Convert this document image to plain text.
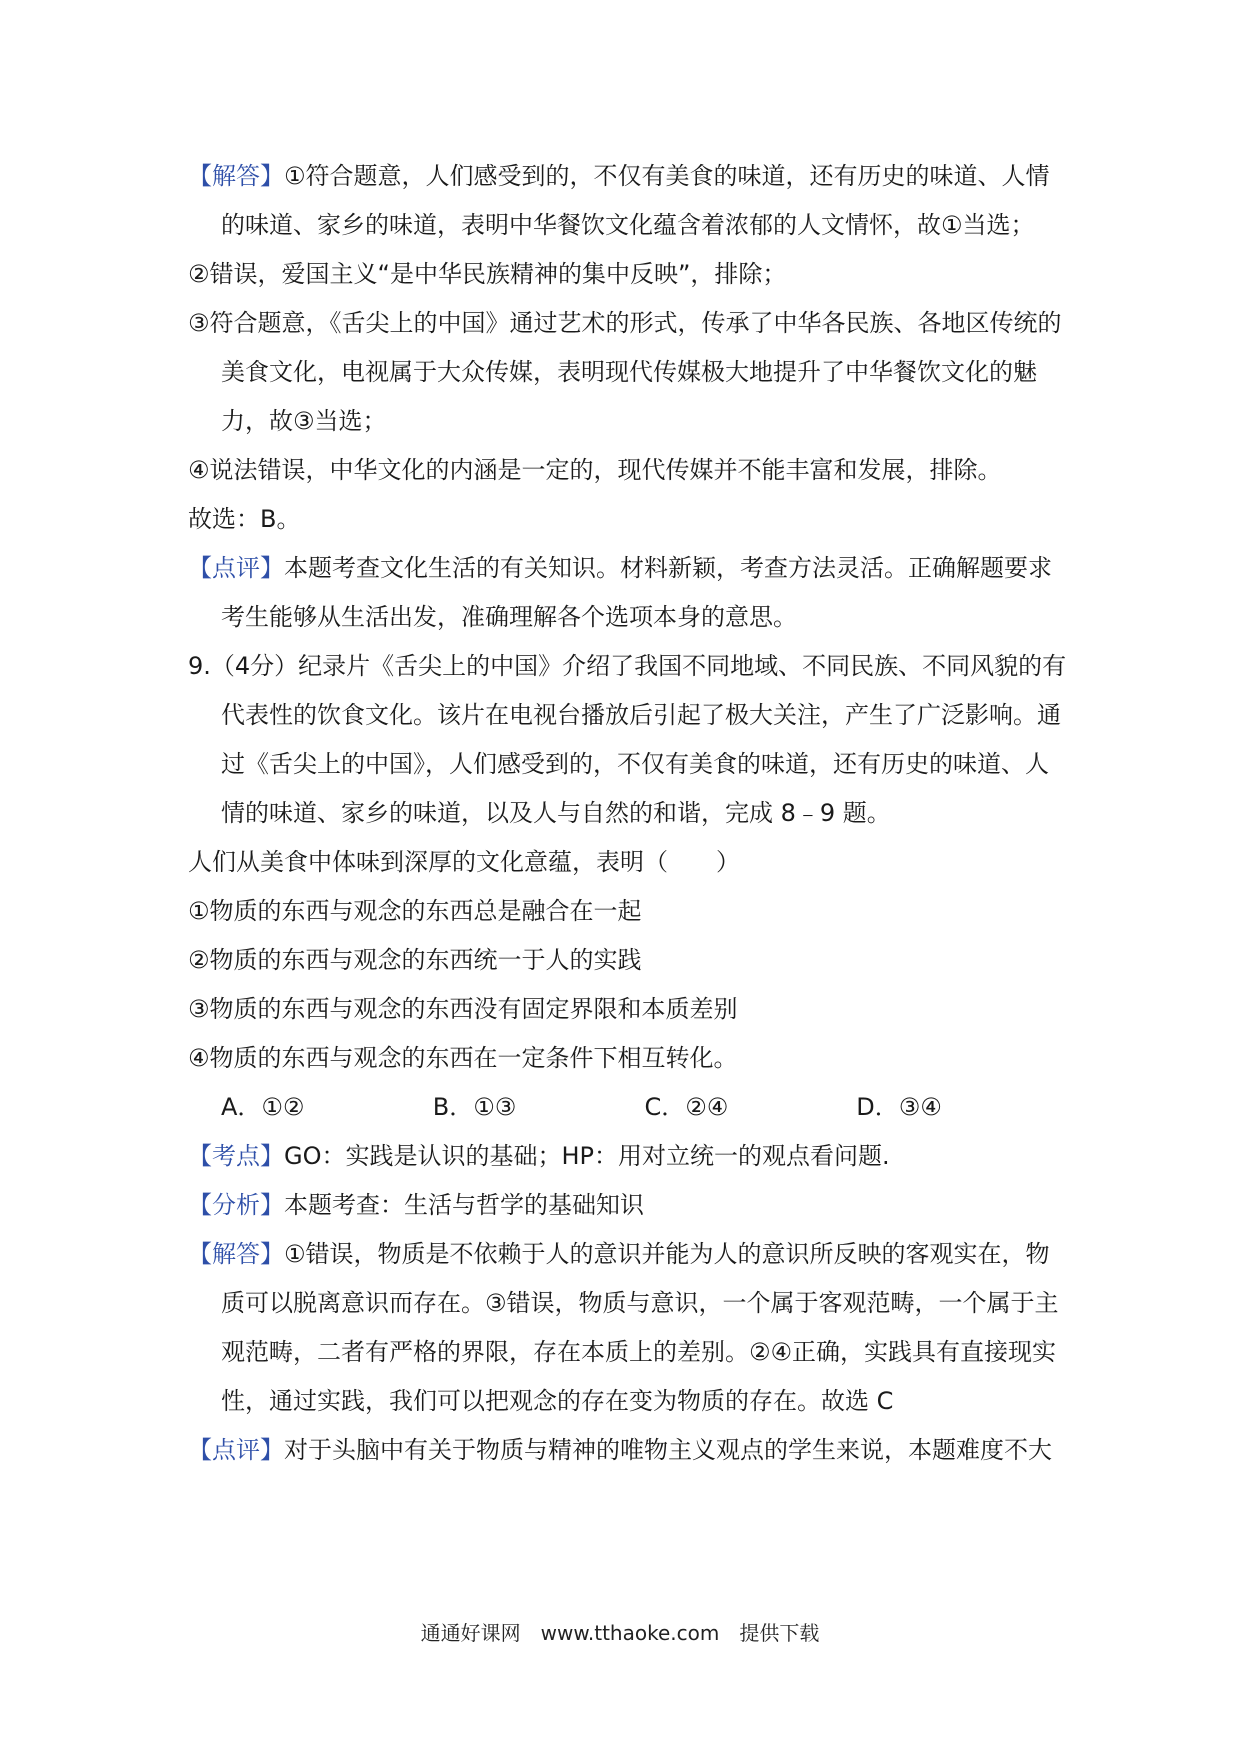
【解答】①符合题意，人们感受到的，不仅有美食的味道，还有历史的味道、人情的味道、家乡的味道，表明中华餐饮文化蕴含着浓郁的人文情怀，故①当选；

②错误，爱国主义“是中华民族精神的集中反映”，排除；

③符合题意，《舌尖上的中国》通过艺术的形式，传承了中华各民族、各地区传统的美食文化，电视属于大众传媒，表明现代传媒极大地提升了中华餐饮文化的魅力，故③当选；

④说法错误，中华文化的内涵是一定的，现代传媒并不能丰富和发展，排除。

故选：B。

【点评】本题考查文化生活的有关知识。材料新颖，考查方法灵活。正确解题要求考生能够从生活出发，准确理解各个选项本身的意思。

9.（4分）纪录片《舌尖上的中国》介绍了我国不同地域、不同民族、不同风貌的有代表性的饮食文化。该片在电视台播放后引起了极大关注，产生了广泛影响。通过《舌尖上的中国》，人们感受到的，不仅有美食的味道，还有历史的味道、人情的味道、家乡的味道，以及人与自然的和谐，完成 8﹣9 题。

人们从美食中体味到深厚的文化意蕴，表明（　　）

①物质的东西与观念的东西总是融合在一起

②物质的东西与观念的东西统一于人的实践

③物质的东西与观念的东西没有固定界限和本质差别

④物质的东西与观念的东西在一定条件下相互转化。

A．①②	B．①③	C．②④	D．③④

【考点】GO：实践是认识的基础；HP：用对立统一的观点看问题.

【分析】本题考查：生活与哲学的基础知识

【解答】①错误，物质是不依赖于人的意识并能为人的意识所反映的客观实在，物质可以脱离意识而存在。③错误，物质与意识，一个属于客观范畴，一个属于主观范畴，二者有严格的界限，存在本质上的差别。②④正确，实践具有直接现实性，通过实践，我们可以把观念的存在变为物质的存在。故选 C

【点评】对于头脑中有关于物质与精神的唯物主义观点的学生来说，本题难度不大

通通好课网　www.tthaoke.com　提供下载
